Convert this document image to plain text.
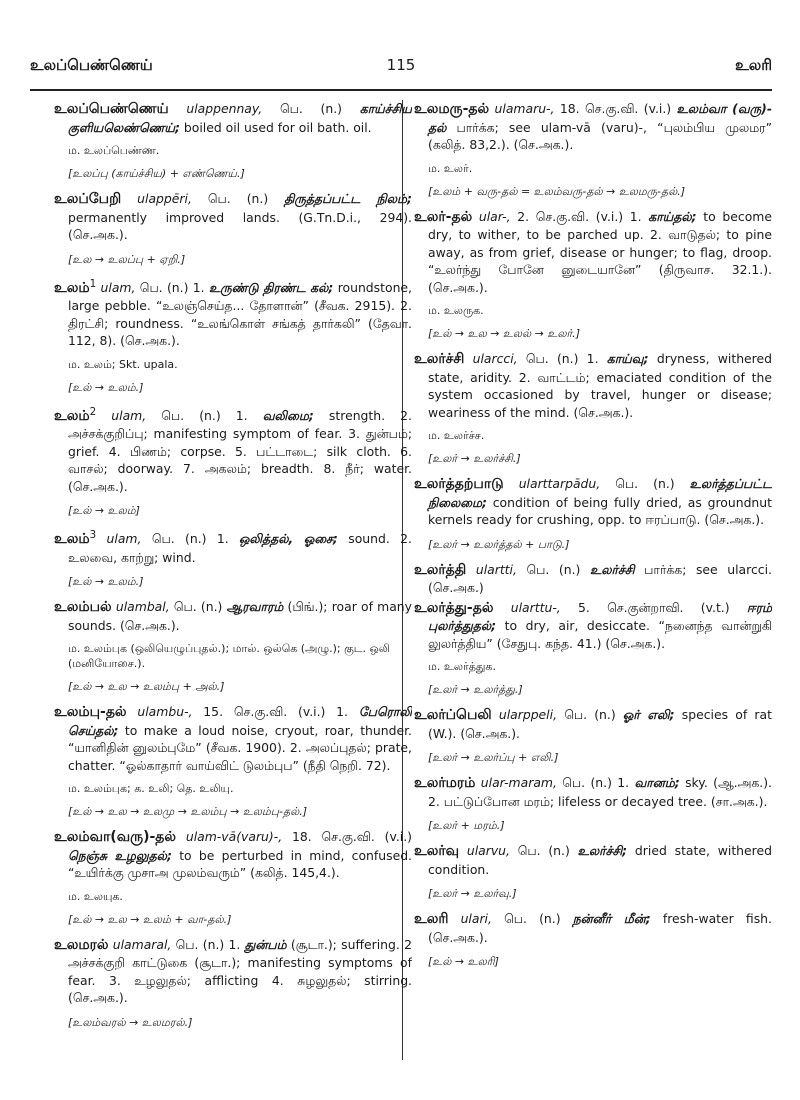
உலப்பெண்ணெய்	115	உலரி
உலப்பெண்ணெய் ulappennay, பெ. (n.) காய்ச்சிய குளியலெண்ணெய்; boiled oil used for oil bath. oil.
ம. உலப்பெண்ண.
[உலப்பு (காய்ச்சிய) + எண்ணெய்.]
உலப்பேறி ulappēri, பெ. (n.) திருத்தப்பட்ட நிலம்; permanently improved lands. (G.Tn.D.i., 294). (செ.அக.).
[உல → உலப்பு + ஏறி.]
உலம்$^1$ ulam, பெ. (n.) 1. உருண்டு திரண்ட கல்; roundstone, large pebble. “உலஞ்செய்த... தோளான்” (சீவக. 2915). 2. திரட்சி; roundness. “உலங்கொள் சங்கத் தார்கலி” (தேவா. 112, 8). (செ.அக.).
ம. உலம்; Skt. upala.
[உல் → உலம்.]
உலம்$^2$ ulam, பெ. (n.) 1. வலிமை; strength. 2. அச்சக்குறிப்பு; manifesting symptom of fear. 3. துன்பம்; grief. 4. பிணம்; corpse. 5. பட்டாடை; silk cloth. 6. வாசல்; doorway. 7. அகலம்; breadth. 8. நீர்; water. (செ.அக.).
[உல் → உலம்]
உலம்$^3$ ulam, பெ. (n.) 1. ஒலித்தல், ஓசை; sound. 2. உலவை, காற்று; wind.
[உல் → உலம்.]
உலம்பல் ulambal, பெ. (n.) ஆரவாரம் (பிங்.); roar of many sounds. (செ.அக.).
ம. உலம்புக (ஒலியெழுப்புதல்.); மால். ஒல்கெ (அழு.); குட. ஒலி (மனியோசை.).
[உல் → உல → உலம்பு + அல்.]
உலம்பு-தல் ulambu-, 15. செ.கு.வி. (v.i.) 1. பேரொலி செய்தல்; to make a loud noise, cryout, roar, thunder. “யானிதின் னுலம்புமே” (சீவக. 1900). 2. அலப்புதல்; prate, chatter. “ஓல்காதார் வாய்விட் டுலம்புப” (நீதி நெறி. 72).
ம. உலம்புக; க. உலி; தெ. உலியு.
[உல் → உல → உலமு → உலம்பு → உலம்பு-தல்.]
உலம்வா(வரு)-தல் ulam-vā(varu)-, 18. செ.கு.வி. (v.i.) நெஞ்சு உழலுதல்; to be perturbed in mind, confused. “உயிர்க்கு முசாஅ முலம்வரும்” (கலித். 145,4.).
ம. உலயுக.
[உல் → உல → உலம் + வா-தல்.]
உலமரல் ulamaral, பெ. (n.) 1. துன்பம் (சூடா.); suffering. 2 அச்சக்குறி காட்டுகை (சூடா.); manifesting symptoms of fear. 3. உழலுதல்; afflicting 4. சுழலுதல்; stirring. (செ.அக.).
[உலம்வரல் → உலமரல்.]
உலமரு-தல் ulamaru-, 18. செ.கு.வி. (v.i.) உலம்வா (வரு)-தல் பார்க்க; see ulam-vā (varu)-, “புலம்பிய முலமர” (கலித். 83,2.). (செ.அக.).
ம. உலர்.
[உலம் + வரு-தல் = உலம்வரு-தல் → உலமரு-தல்.]
உலர்-தல் ular-, 2. செ.கு.வி. (v.i.) 1. காய்தல்; to become dry, to wither, to be parched up. 2. வாடுதல்; to pine away, as from grief, disease or hunger; to flag, droop. “உலர்ந்து போனே னுடையானே” (திருவாச. 32.1.). (செ.அக.).
ம. உலருக.
[உல் → உல → உலல் → உலர்.]
உலர்ச்சி ularcci, பெ. (n.) 1. காய்வு; dryness, withered state, aridity. 2. வாட்டம்; emaciated condition of the system occasioned by travel, hunger or disease; weariness of the mind. (செ.அக.).
ம. உலர்ச்ச.
[உலர் → உலர்ச்சி.]
உலர்த்தற்பாடு ularttarpādu, பெ. (n.) உலர்த்தப்பட்ட நிலைமை; condition of being fully dried, as groundnut kernels ready for crushing, opp. to ஈரப்பாடு. (செ.அக.).
[உலர் → உலர்த்தல் + பாடு.]
உலர்த்தி ulartti, பெ. (n.) உலர்ச்சி பார்க்க; see ularcci. (செ.அக.)
உலர்த்து-தல் ularttu-, 5. செ.குன்றாவி. (v.t.) ஈரம் புலர்த்துதல்; to dry, air, desiccate. “நனைந்த வான்றுகி லுலர்த்திய” (சேதுபு. கந்த. 41.) (செ.அக.).
ம. உலர்த்துக.
[உலர் → உலர்த்து.]
உலர்ப்பெலி ularppeli, பெ. (n.) ஓர் எலி; species of rat (W.). (செ.அக.).
[உலர் → உலர்ப்பு + எலி.]
உலர்மரம் ular-maram, பெ. (n.) 1. வானம்; sky. (ஆ.அக.). 2. பட்டுப்போன மரம்; lifeless or decayed tree. (சா.அக.).
[உலர் + மரம்.]
உலர்வு ularvu, பெ. (n.) உலர்ச்சி; dried state, withered condition.
[உலர் → உலர்வு.]
உலரி ulari, பெ. (n.) நன்னீர் மீன்; fresh-water fish. (செ.அக.).
[உல் → உலரி]
